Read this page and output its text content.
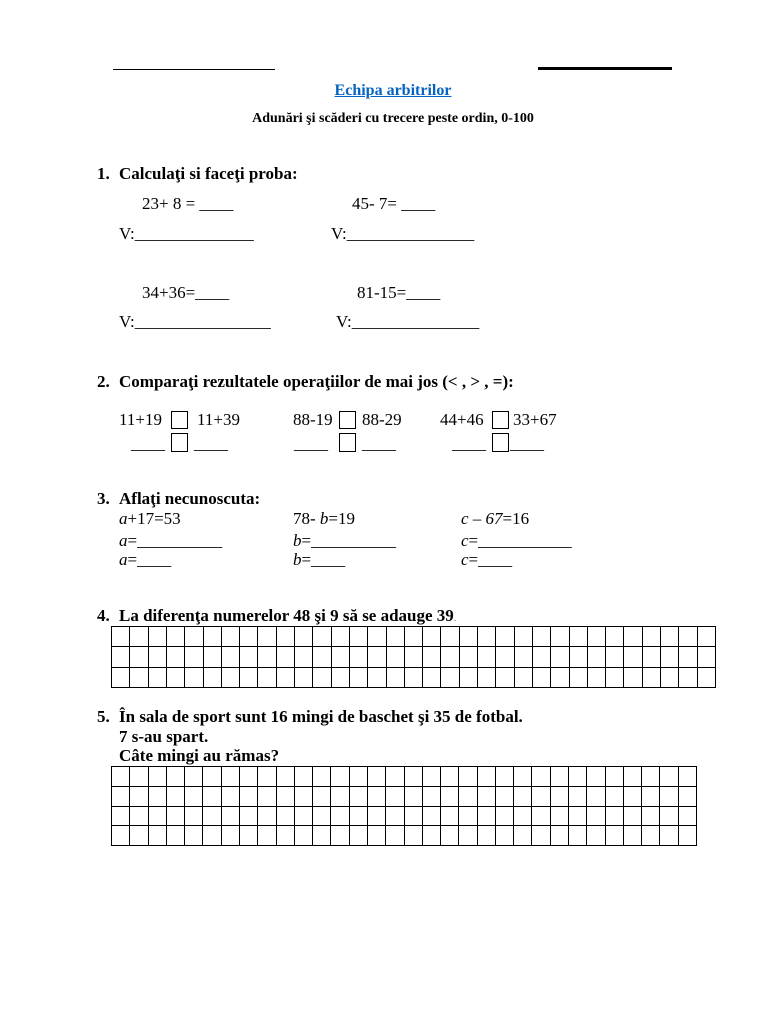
Echipa arbitrilor
Adunări şi scăderi cu trecere peste ordin, 0-100
1. Calculaţi si faceţi proba:
23+ 8 = ____	45- 7= ____
V:______________	V:_______________
34+36=____	81-15=____
V:________________	V:_______________
2. Comparaţi rezultatele operaţiilor de mai jos (< , > , =):
11+19 11+39
____ ____
88-19 88-29
____ ____
44+46 33+67
____ ____
3. Aflaţi necunoscuta:
a+17=53
a=__________
a=____
78- b=19
b=__________
b=____
c – 67=16
c=___________
c=____
4. La diferenţa numerelor 48 şi 9 să se adauge 39.
5. În sala de sport sunt 16 mingi de baschet şi 35 de fotbal.
7 s-au spart.
Câte mingi au rămas?
